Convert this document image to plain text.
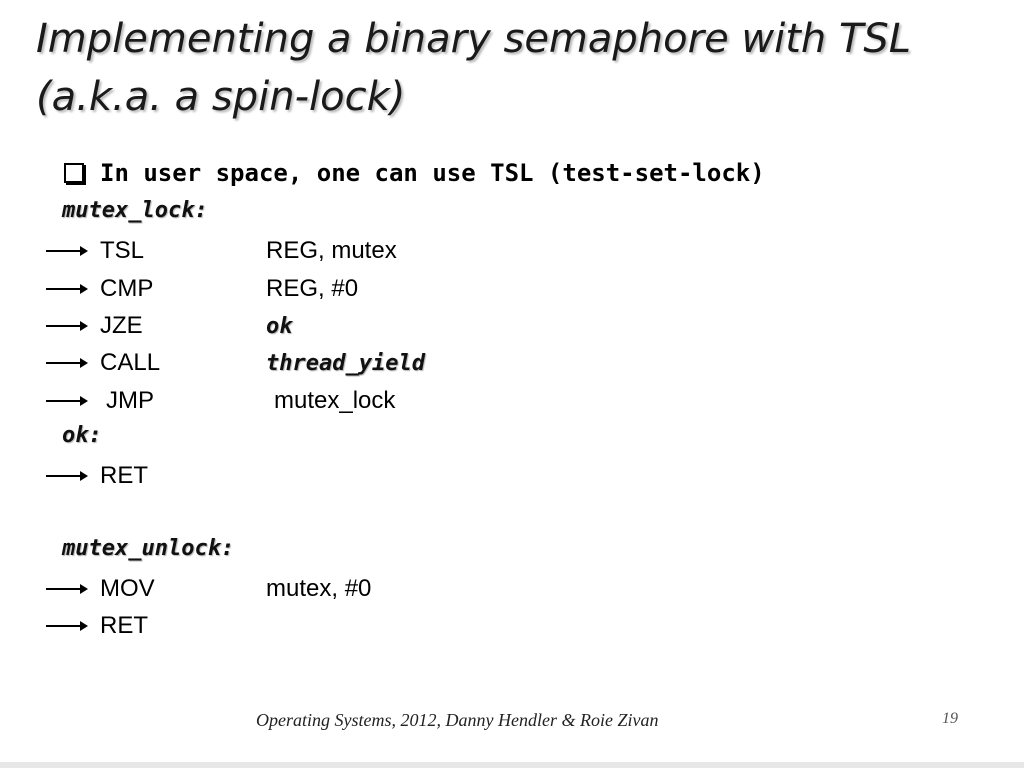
Implementing a binary semaphore with TSL
(a.k.a. a spin-lock)
In user space, one can use TSL (test-set-lock)
mutex_lock:
TSL	REG, mutex
CMP	REG, #0
JZE	ok
CALL	thread_yield
JMP	mutex_lock
ok:
RET
mutex_unlock:
MOV	mutex, #0
RET
Operating Systems, 2012, Danny Hendler & Roie Zivan	19
